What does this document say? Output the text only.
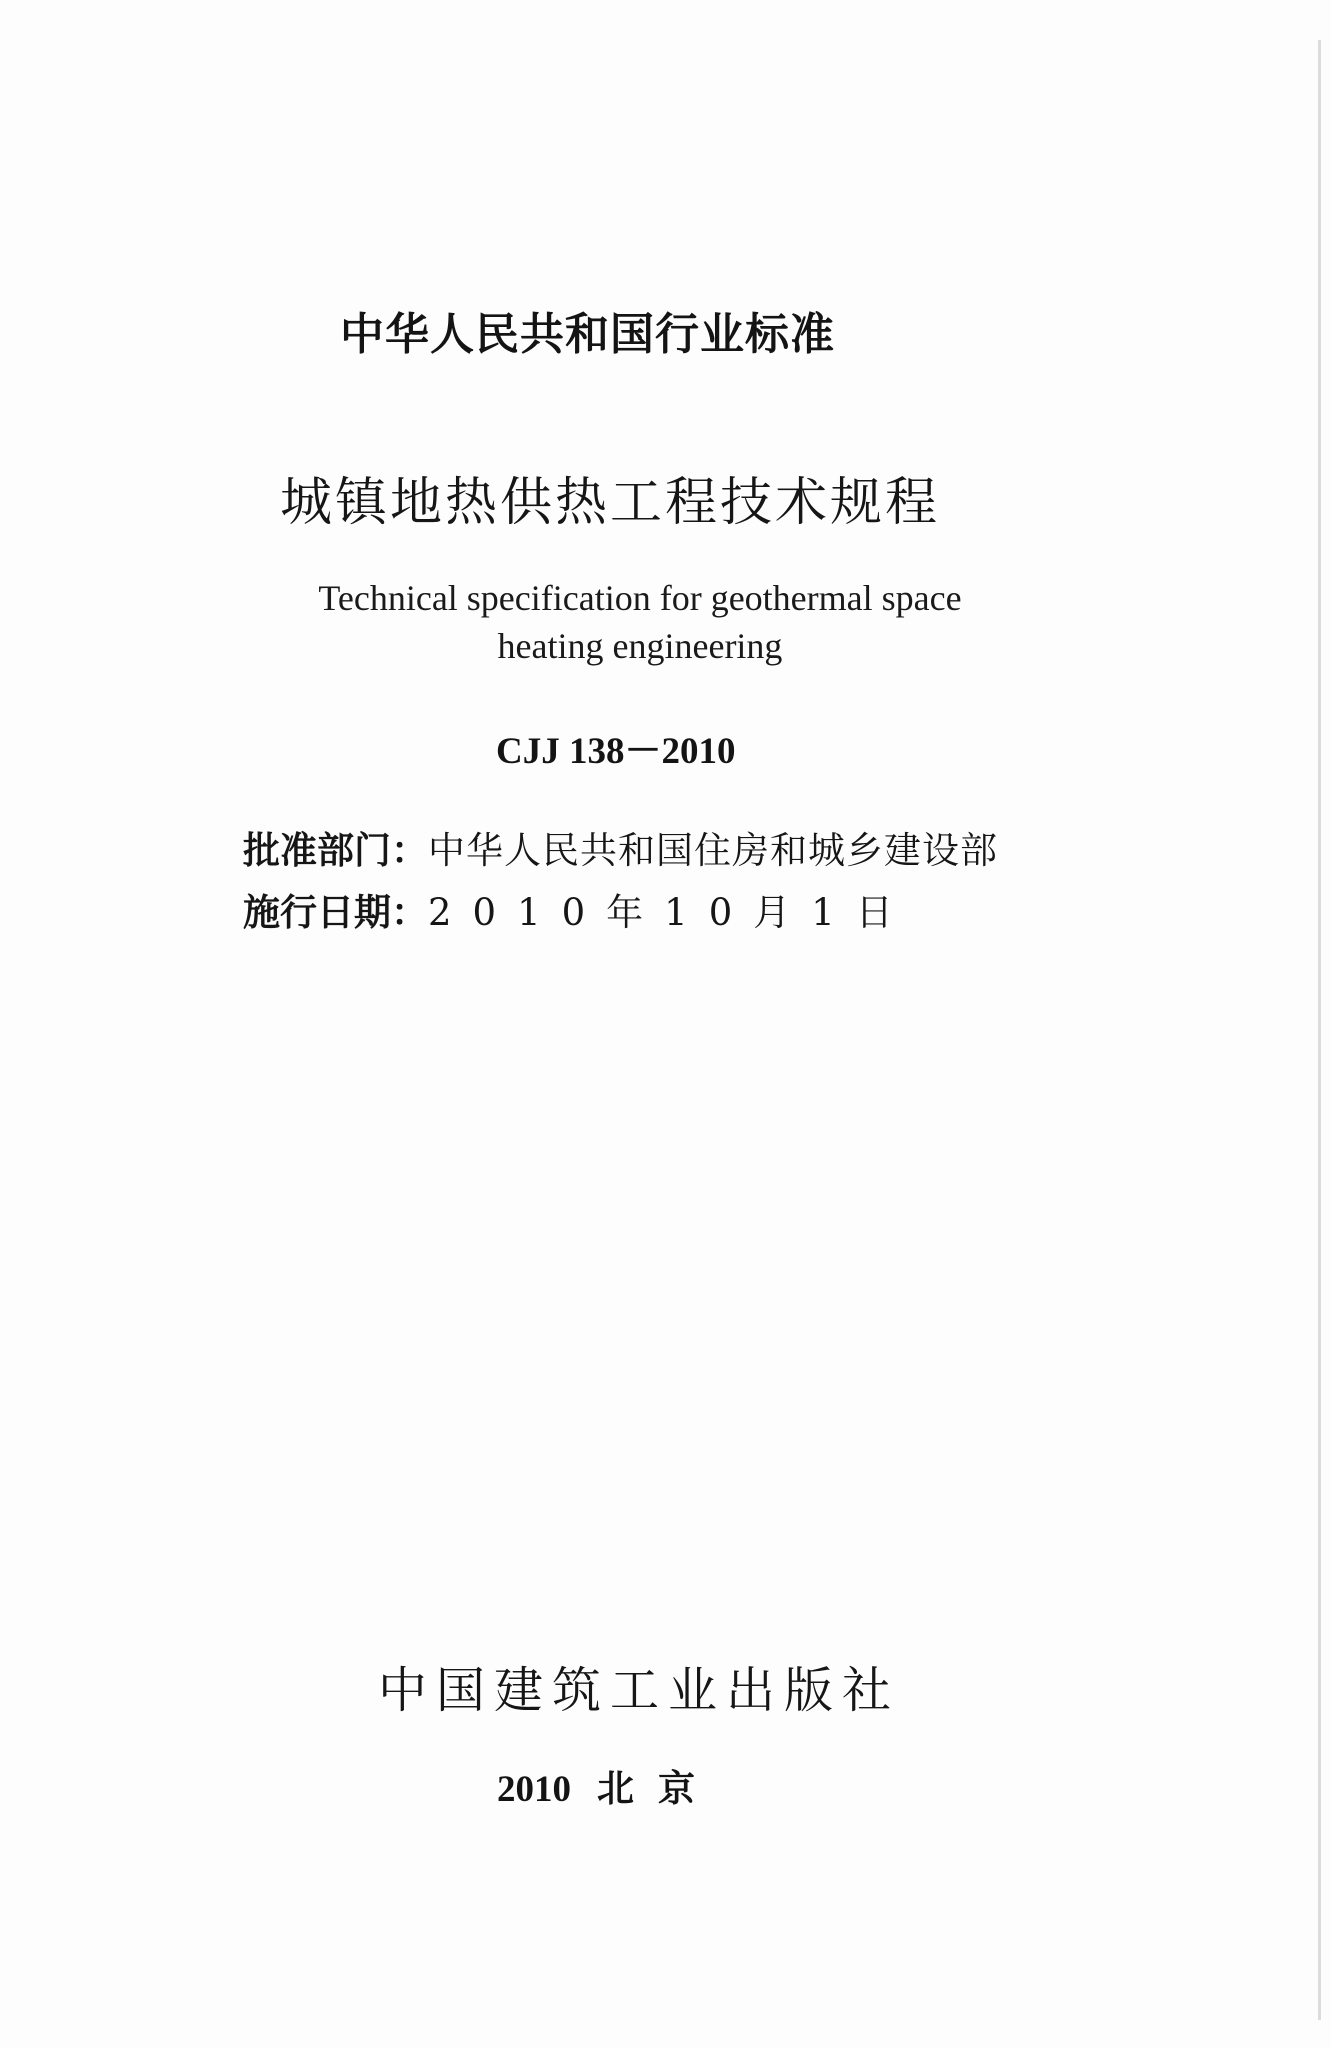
中华人民共和国行业标准
城镇地热供热工程技术规程
Technical specification for geothermal space
heating engineering
CJJ 138－2010
批准部门：中华人民共和国住房和城乡建设部
施行日期：2010年10月1日
中国建筑工业出版社
2010 北京
